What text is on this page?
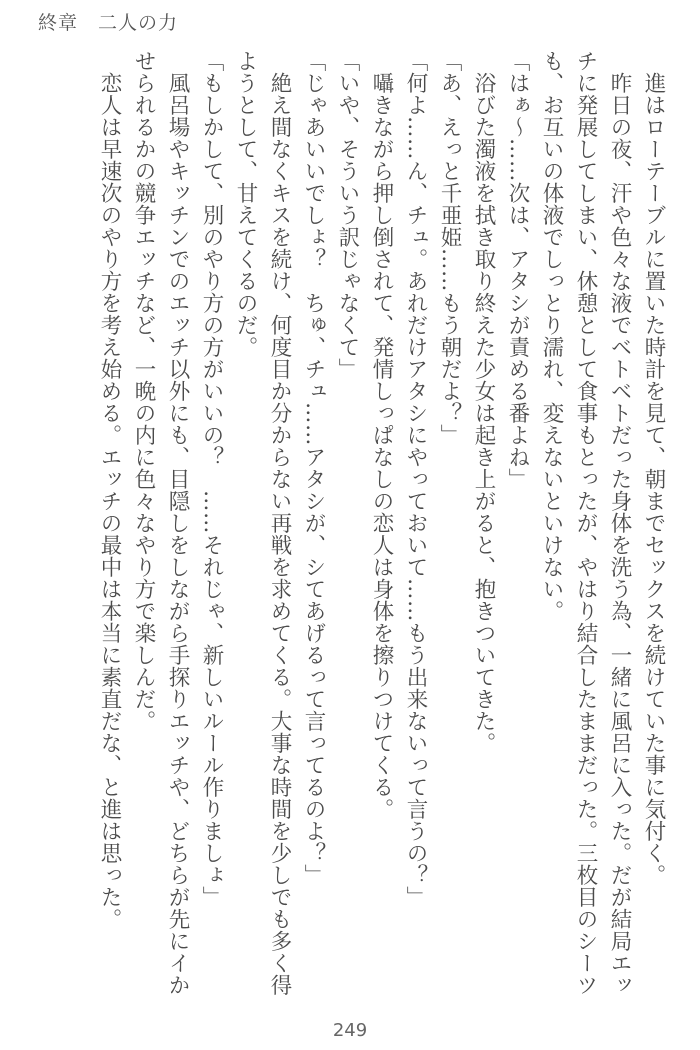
終章　二人の力

　進はローテーブルに置いた時計を見て、朝までセックスを続けていた事に気付く。

　昨日の夜、汗や色々な液でベトベトだった身体を洗う為、一緒に風呂に入った。だが結局エッチに発展してしまい、休憩として食事もとったが、やはり結合したままだった。三枚目のシーツも、お互いの体液でしっとり濡れ、変えないといけない。

「はぁ～……次は、アタシが責める番よね」

　浴びた濁液を拭き取り終えた少女は起き上がると、抱きついてきた。

「あ、えっと千亜姫……もう朝だよ？」

「何よ……ん、チュ。あれだけアタシにやっておいて……もう出来ないって言うの？」

　囁きながら押し倒されて、発情しっぱなしの恋人は身体を擦りつけてくる。

「いや、そういう訳じゃなくて」

「じゃあいいでしょ？　ちゅ、チュ……アタシが、シてあげるって言ってるのよ？」

　絶え間なくキスを続け、何度目か分からない再戦を求めてくる。大事な時間を少しでも多く得ようとして、甘えてくるのだ。

「もしかして、別のやり方の方がいいの？　……それじゃ、新しいルール作りましょ」

　風呂場やキッチンでのエッチ以外にも、目隠しをしながら手探りエッチや、どちらが先にイかせられるかの競争エッチなど、一晩の内に色々なやり方で楽しんだ。

　恋人は早速次のやり方を考え始める。エッチの最中は本当に素直だな、と進は思った。

249
